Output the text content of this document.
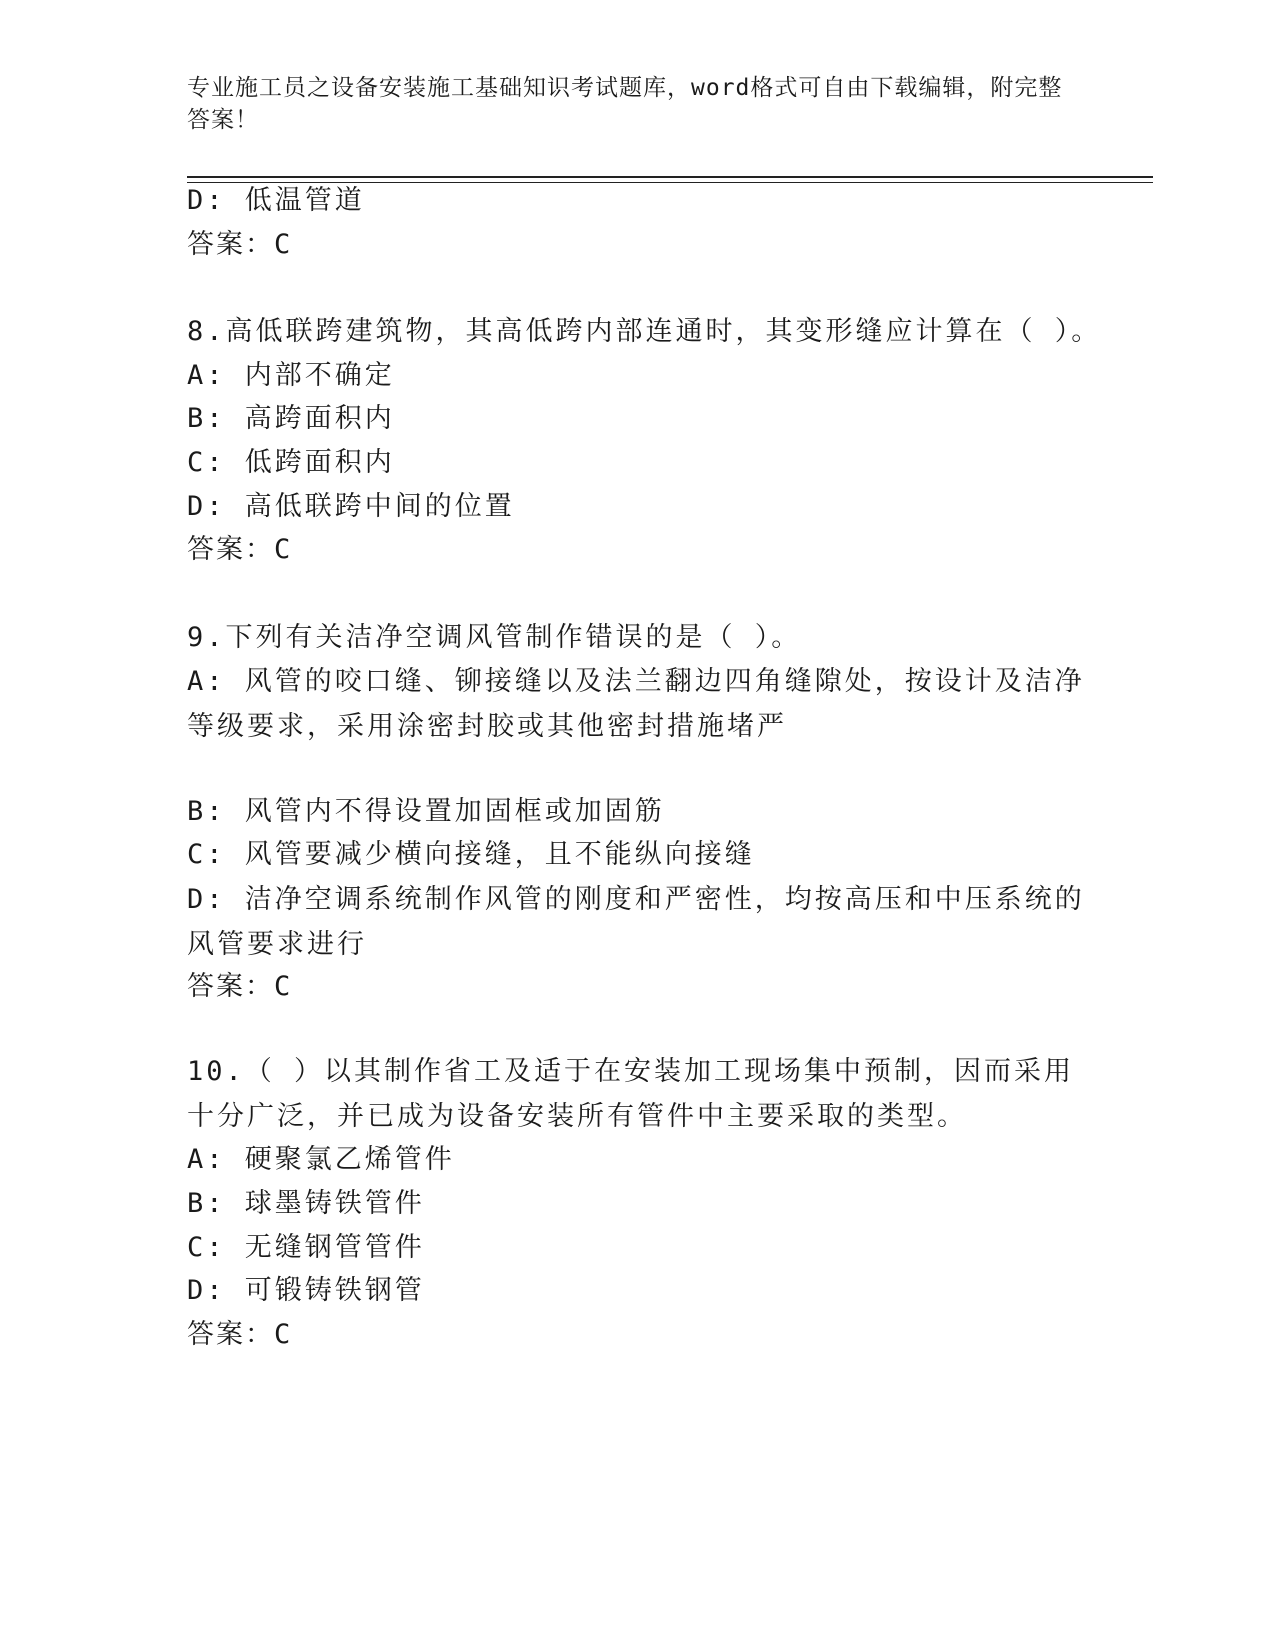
专业施工员之设备安装施工基础知识考试题库，word格式可自由下载编辑，附完整答案！
D: 低温管道
答案：C
8.高低联跨建筑物，其高低跨内部连通时，其变形缝应计算在（ ）。
A: 内部不确定
B: 高跨面积内
C: 低跨面积内
D: 高低联跨中间的位置
答案：C
9.下列有关洁净空调风管制作错误的是（ ）。
A: 风管的咬口缝、铆接缝以及法兰翻边四角缝隙处，按设计及洁净等级要求，采用涂密封胶或其他密封措施堵严
B: 风管内不得设置加固框或加固筋
C: 风管要减少横向接缝，且不能纵向接缝
D: 洁净空调系统制作风管的刚度和严密性，均按高压和中压系统的风管要求进行
答案：C
10.（ ）以其制作省工及适于在安装加工现场集中预制，因而采用十分广泛，并已成为设备安装所有管件中主要采取的类型。
A: 硬聚氯乙烯管件
B: 球墨铸铁管件
C: 无缝钢管管件
D: 可锻铸铁钢管
答案：C
